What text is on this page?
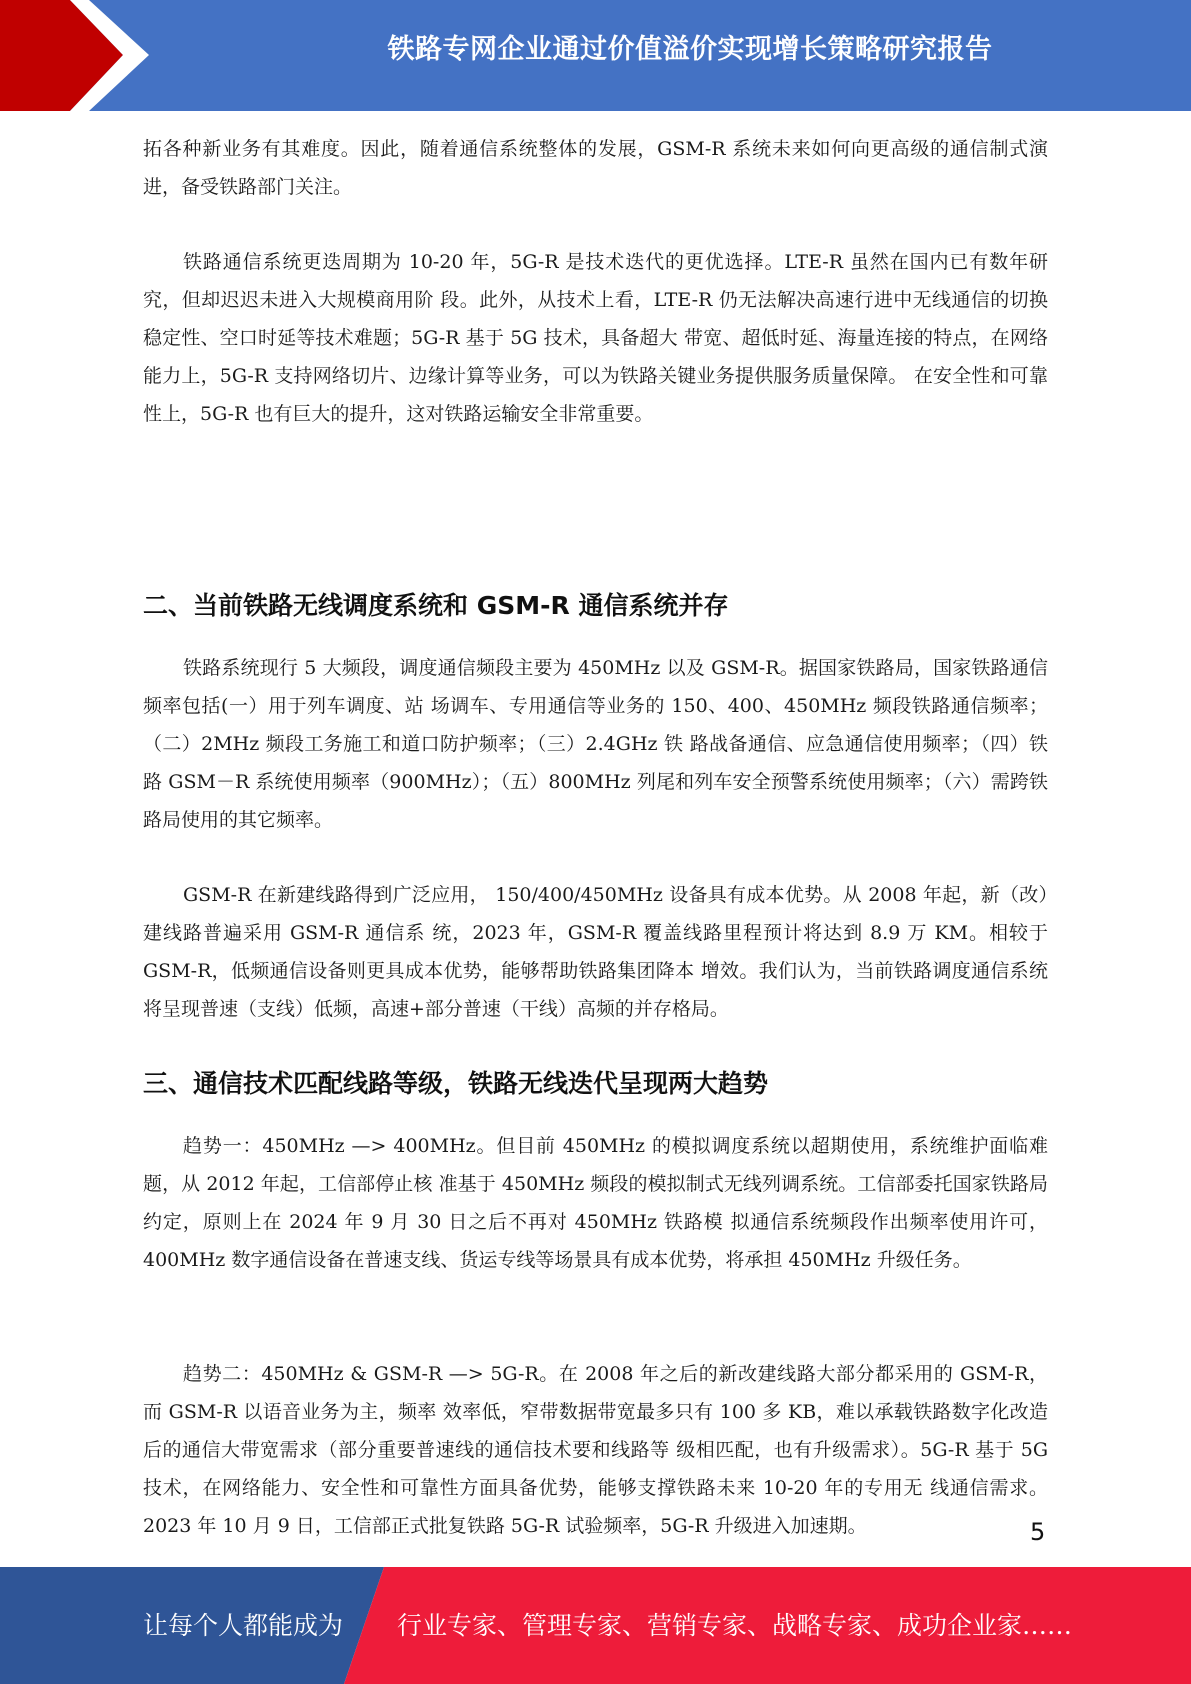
铁路专网企业通过价值溢价实现增长策略研究报告

拓各种新业务有其难度。因此，随着通信系统整体的发展，GSM-R 系统未来如何向更高级的通信制式演 进，备受铁路部门关注。

铁路通信系统更迭周期为 10-20 年，5G-R 是技术迭代的更优选择。LTE-R 虽然在国内已有数年研究，但却迟迟未进入大规模商用阶 段。此外，从技术上看，LTE-R 仍无法解决高速行进中无线通信的切换稳定性、空口时延等技术难题；5G-R 基于 5G 技术，具备超大 带宽、超低时延、海量连接的特点，在网络能力上，5G-R 支持网络切片、边缘计算等业务，可以为铁路关键业务提供服务质量保障。 在安全性和可靠性上，5G-R 也有巨大的提升，这对铁路运输安全非常重要。

二、当前铁路无线调度系统和 GSM-R 通信系统并存

铁路系统现行 5 大频段，调度通信频段主要为 450MHz 以及 GSM-R。据国家铁路局，国家铁路通信频率包括(一）用于列车调度、站 场调车、专用通信等业务的 150、400、450MHz 频段铁路通信频率；（二）2MHz 频段工务施工和道口防护频率；（三）2.4GHz 铁 路战备通信、应急通信使用频率；（四）铁路 GSM－R 系统使用频率（900MHz）；（五）800MHz 列尾和列车安全预警系统使用频率；（六）需跨铁路局使用的其它频率。

GSM-R 在新建线路得到广泛应用， 150/400/450MHz 设备具有成本优势。从 2008 年起，新（改）建线路普遍采用 GSM-R 通信系 统，2023 年，GSM-R 覆盖线路里程预计将达到 8.9 万 KM。相较于 GSM-R，低频通信设备则更具成本优势，能够帮助铁路集团降本 增效。我们认为，当前铁路调度通信系统将呈现普速（支线）低频，高速+部分普速（干线）高频的并存格局。

三、通信技术匹配线路等级，铁路无线迭代呈现两大趋势

趋势一：450MHz —> 400MHz。但目前 450MHz 的模拟调度系统以超期使用，系统维护面临难题，从 2012 年起，工信部停止核 准基于 450MHz 频段的模拟制式无线列调系统。工信部委托国家铁路局约定，原则上在 2024 年 9 月 30 日之后不再对 450MHz 铁路模 拟通信系统频段作出频率使用许可，400MHz 数字通信设备在普速支线、货运专线等场景具有成本优势，将承担 450MHz 升级任务。

趋势二：450MHz & GSM-R —> 5G-R。在 2008 年之后的新改建线路大部分都采用的 GSM-R，而 GSM-R 以语音业务为主，频率 效率低，窄带数据带宽最多只有 100 多 KB，难以承载铁路数字化改造后的通信大带宽需求（部分重要普速线的通信技术要和线路等 级相匹配，也有升级需求）。5G-R 基于 5G 技术，在网络能力、安全性和可靠性方面具备优势，能够支撑铁路未来 10-20 年的专用无 线通信需求。2023 年 10 月 9 日，工信部正式批复铁路 5G-R 试验频率，5G-R 升级进入加速期。	5
让每个人都能成为 行业专家、管理专家、营销专家、战略专家、成功企业家……
